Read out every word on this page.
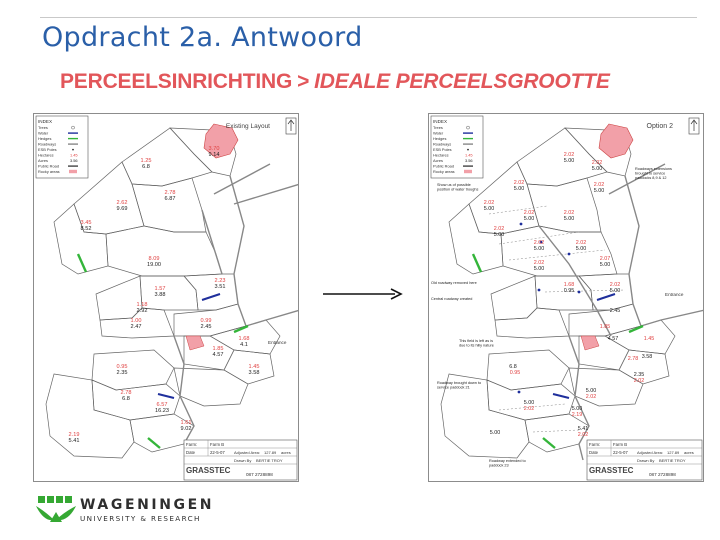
Opdracht 2a. Antwoord
PERCEELSINRICHTING > IDEALE PERCEELSGROOTTE
3.70
9.14
1.25
6.8
2.62
9.69
2.78
6.87
3.45
8.52
8.09
19.00
1.57
3.88
2.23
3.51
1.18
2.92
1.00
2.47
0.99
2.45
1.68
4.1
1.85
4.57
1.45
3.58
0.95
2.35
2.78
6.8
1.61
9.02
2.19
5.41
6.57
16.23
INDEX
Trees
Water
Hedges
Roadways
ESB Poles
Hectares	1.45
Acres	3.56
Public Road
Rocky areas
Existing Layout
Entrance
Farm:	Farm B
Date	22-5-07 Adjusted Area: 127.89 acres
Drawn By BERTIE TROY
GRASSTEC	087 2728898
2.02
5.00	2.02
5.00
2.02
5.00
2.02
5.00
2.02
5.00
2.02
5.00
2.02
5.00
2.02
5.00
2.02
5.00
2.02
5.00
2.02
5.00
2.07
5.00
2.02
5.00
1.68
0.95
2.45
1.85
4.57	1.45
3.58
2.78
6.8
0.95	2.35
2.02
5.00
2.02
5.00
2.02	5.00
2.19
5.41
2.02
5.00
Roadways extensions
brought to service
paddocks 8,9 & 12
Show us of possible
position of water troughs
Old roadway removed here
Central roadway created
This field is left as is
due to its hilly nature
Roadway brought down to
service paddock 21
Roadway extended to
paddock 23
INDEX
Trees
Water
Hedges
Roadways
ESB Poles
Hectares	1.45
Acres	3.56
Public Road
Rocky areas
Option 2
Entrance
Farm:	Farm B
Date	22-5-07 Adjusted Area: 127.89 acres
Drawn By BERTIE TROY
GRASSTEC	087 2728898
WAGENINGEN
UNIVERSITY & RESEARCH
